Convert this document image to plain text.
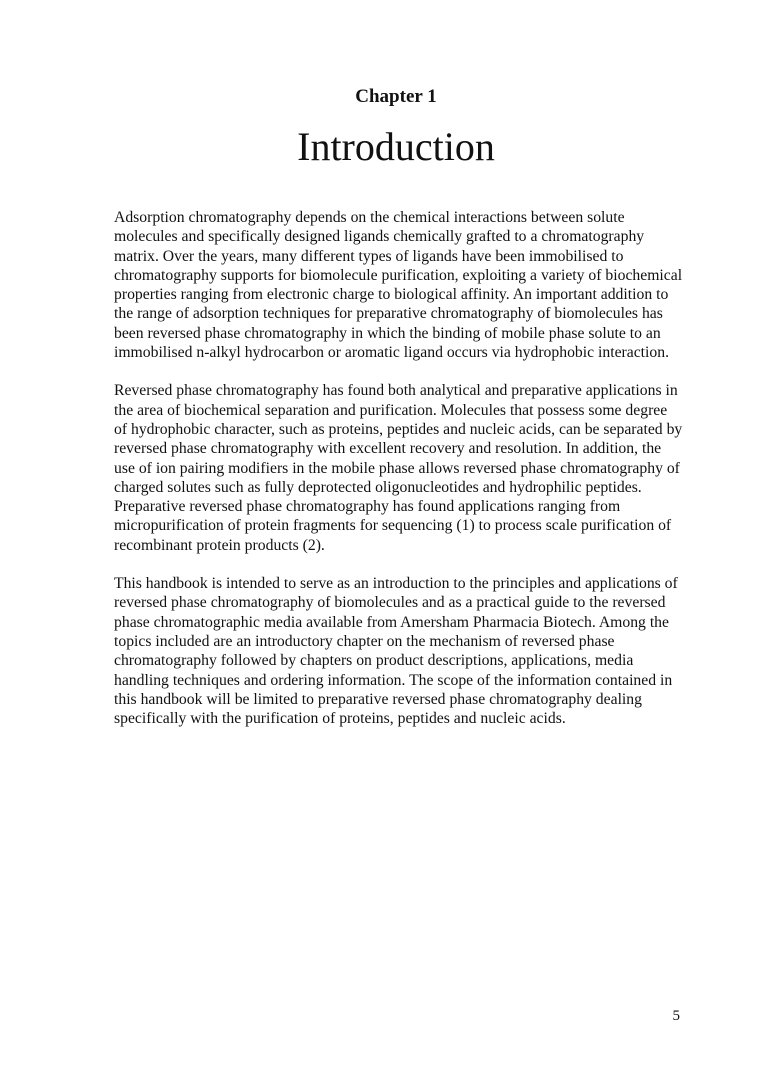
Chapter 1
Introduction

Adsorption chromatography depends on the chemical interactions between solute molecules and specifically designed ligands chemically grafted to a chromatography matrix. Over the years, many different types of ligands have been immobilised to chromatography supports for biomolecule purification, exploiting a variety of biochemical properties ranging from electronic charge to biological affinity. An important addition to the range of adsorption techniques for preparative chromatography of biomolecules has been reversed phase chromatography in which the binding of mobile phase solute to an immobilised n-alkyl hydrocarbon or aromatic ligand occurs via hydrophobic interaction.

Reversed phase chromatography has found both analytical and preparative applications in the area of biochemical separation and purification. Molecules that possess some degree of hydrophobic character, such as proteins, peptides and nucleic acids, can be separated by reversed phase chromatography with excellent recovery and resolution. In addition, the use of ion pairing modifiers in the mobile phase allows reversed phase chromatography of charged solutes such as fully deprotected oligonucleotides and hydrophilic peptides. Preparative reversed phase chromatography has found applications ranging from micropurification of protein fragments for sequencing (1) to process scale purification of recombinant protein products (2).

This handbook is intended to serve as an introduction to the principles and applications of reversed phase chromatography of biomolecules and as a practical guide to the reversed phase chromatographic media available from Amersham Pharmacia Biotech. Among the topics included are an introductory chapter on the mechanism of reversed phase chromatography followed by chapters on product descriptions, applications, media handling techniques and ordering information. The scope of the information contained in this handbook will be limited to preparative reversed phase chromatography dealing specifically with the purification of proteins, peptides and nucleic acids.

5
